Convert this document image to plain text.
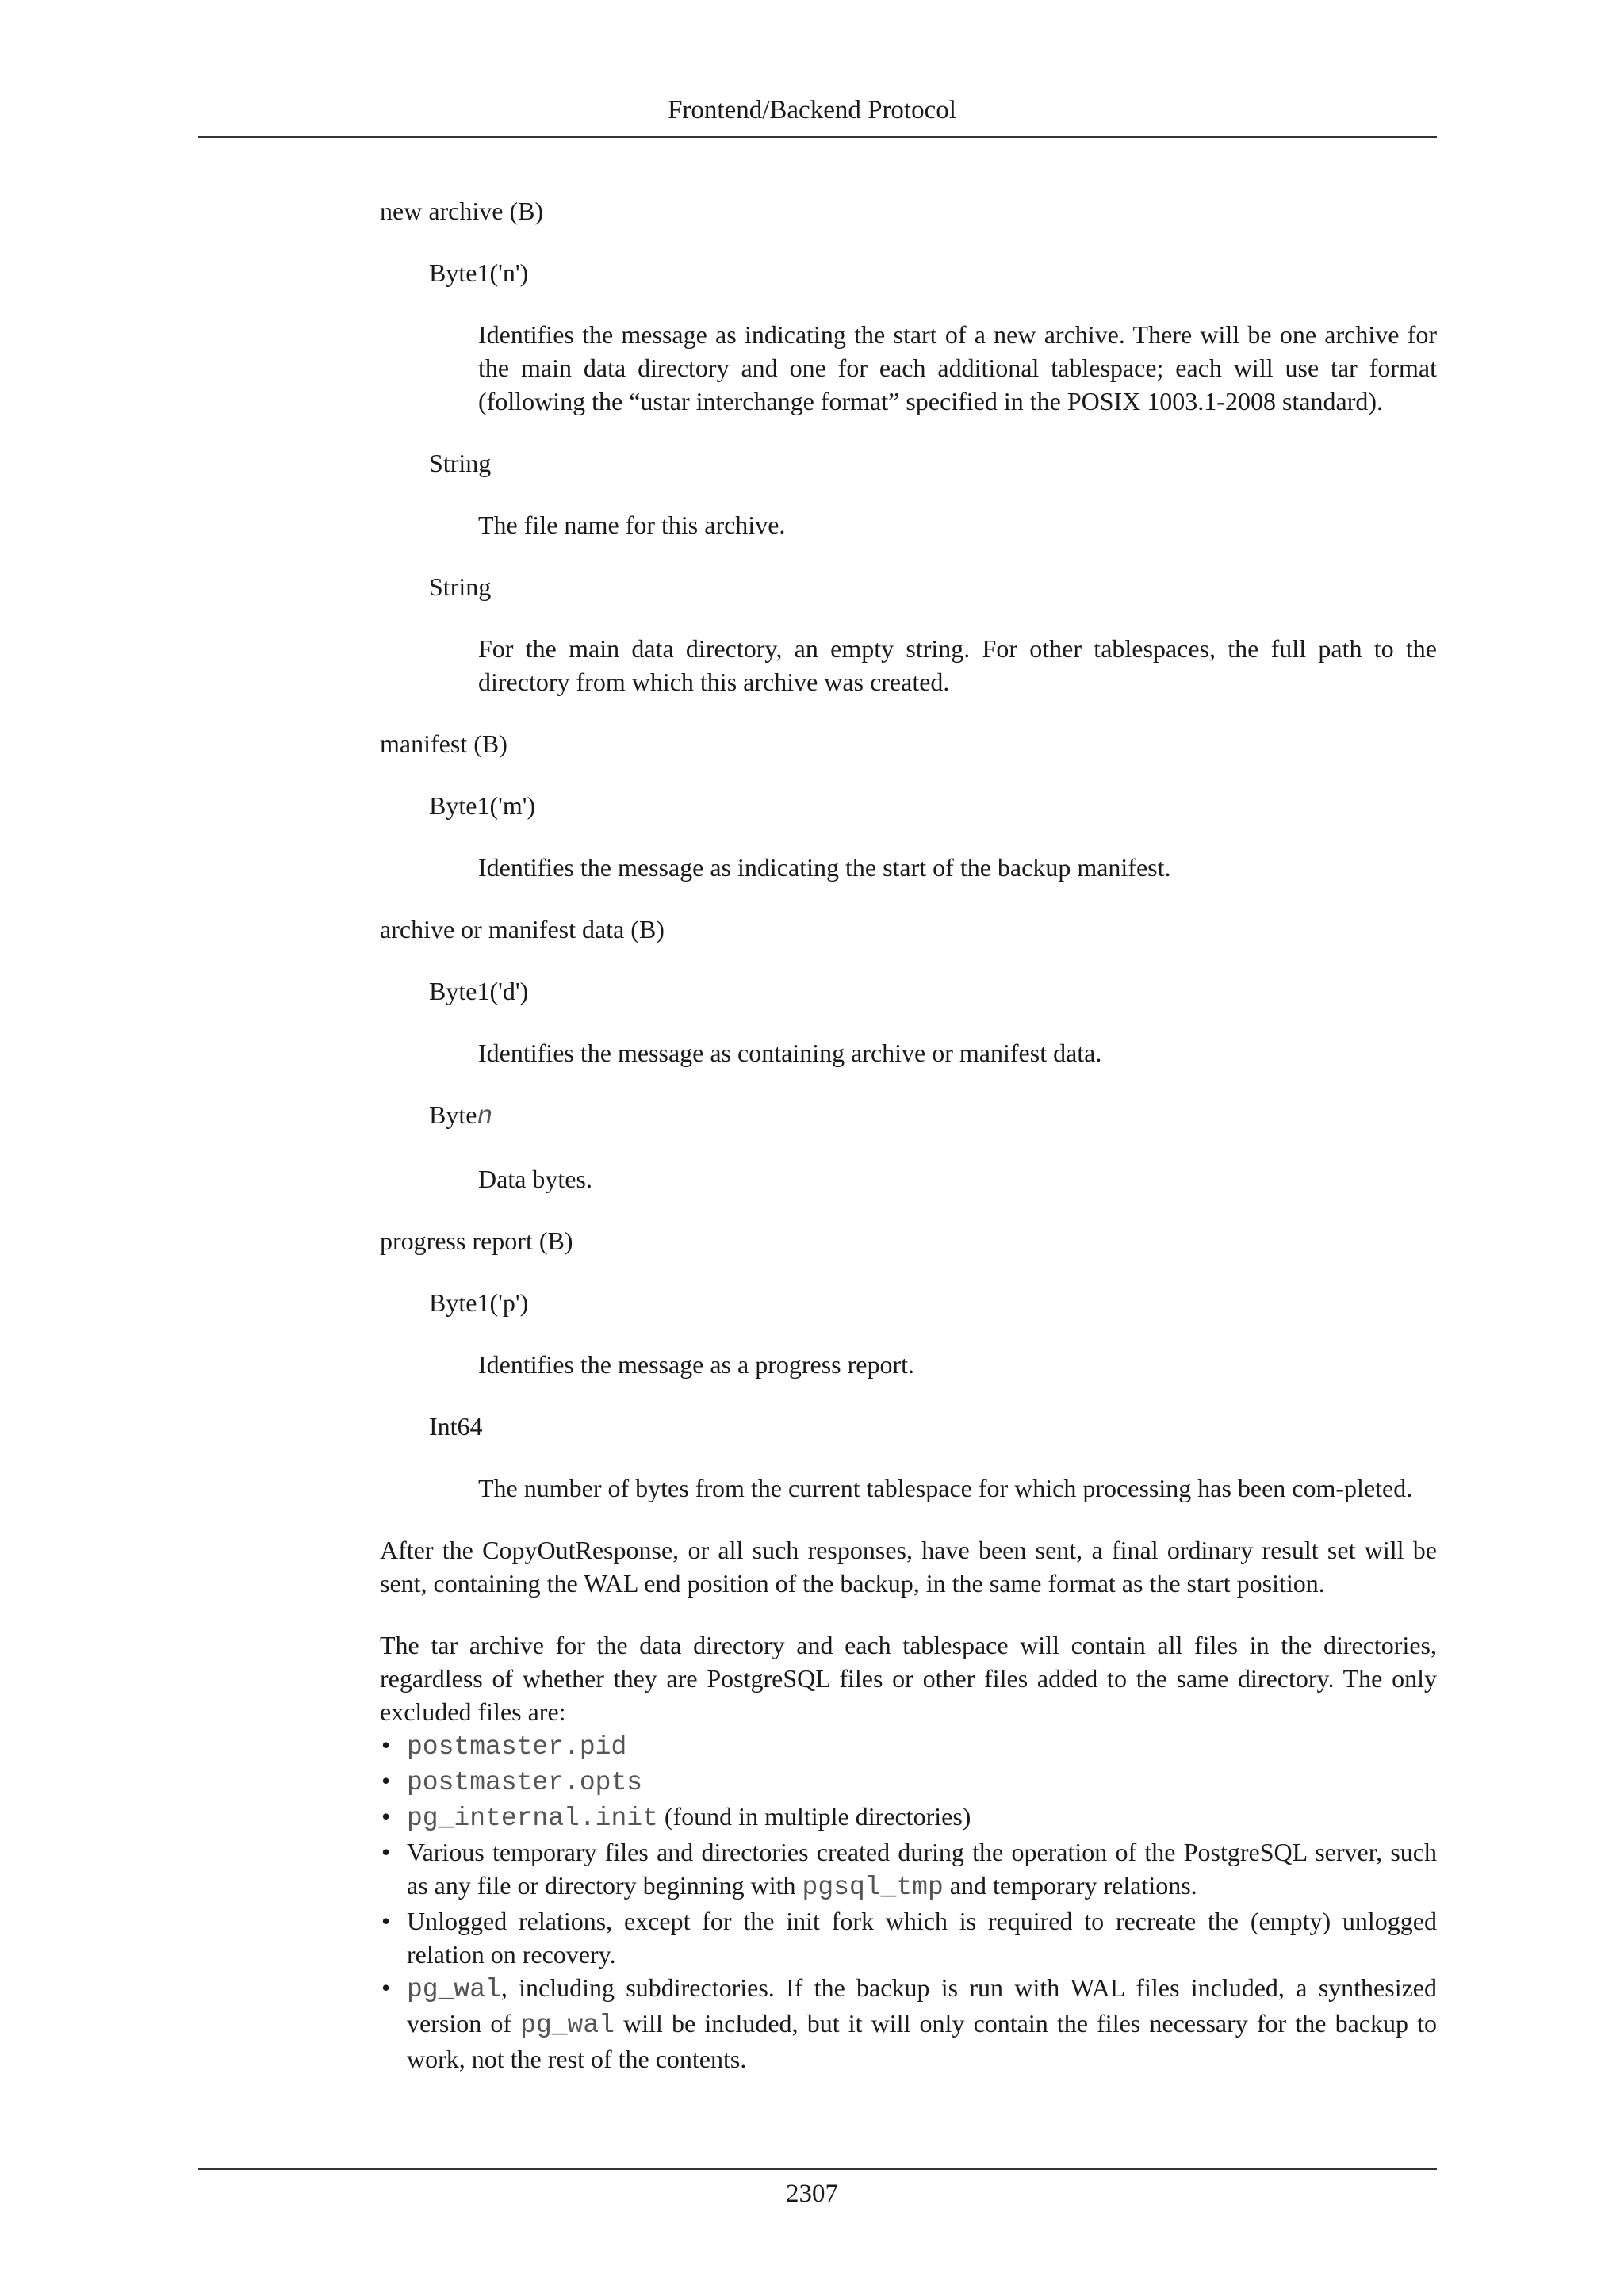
Frontend/Backend Protocol
new archive (B)
Byte1('n')
Identifies the message as indicating the start of a new archive. There will be one archive for the main data directory and one for each additional tablespace; each will use tar format (following the “ustar interchange format” specified in the POSIX 1003.1-2008 standard).
String
The file name for this archive.
String
For the main data directory, an empty string. For other tablespaces, the full path to the directory from which this archive was created.
manifest (B)
Byte1('m')
Identifies the message as indicating the start of the backup manifest.
archive or manifest data (B)
Byte1('d')
Identifies the message as containing archive or manifest data.
Byten
Data bytes.
progress report (B)
Byte1('p')
Identifies the message as a progress report.
Int64
The number of bytes from the current tablespace for which processing has been com-pleted.

After the CopyOutResponse, or all such responses, have been sent, a final ordinary result set will be sent, containing the WAL end position of the backup, in the same format as the start position.

The tar archive for the data directory and each tablespace will contain all files in the directories, regardless of whether they are PostgreSQL files or other files added to the same directory. The only excluded files are:

• postmaster.pid
• postmaster.opts
• pg_internal.init (found in multiple directories)
• Various temporary files and directories created during the operation of the PostgreSQL server, such as any file or directory beginning with pgsql_tmp and temporary relations.
• Unlogged relations, except for the init fork which is required to recreate the (empty) unlogged relation on recovery.
• pg_wal, including subdirectories. If the backup is run with WAL files included, a synthesized version of pg_wal will be included, but it will only contain the files necessary for the backup to work, not the rest of the contents.
2307
